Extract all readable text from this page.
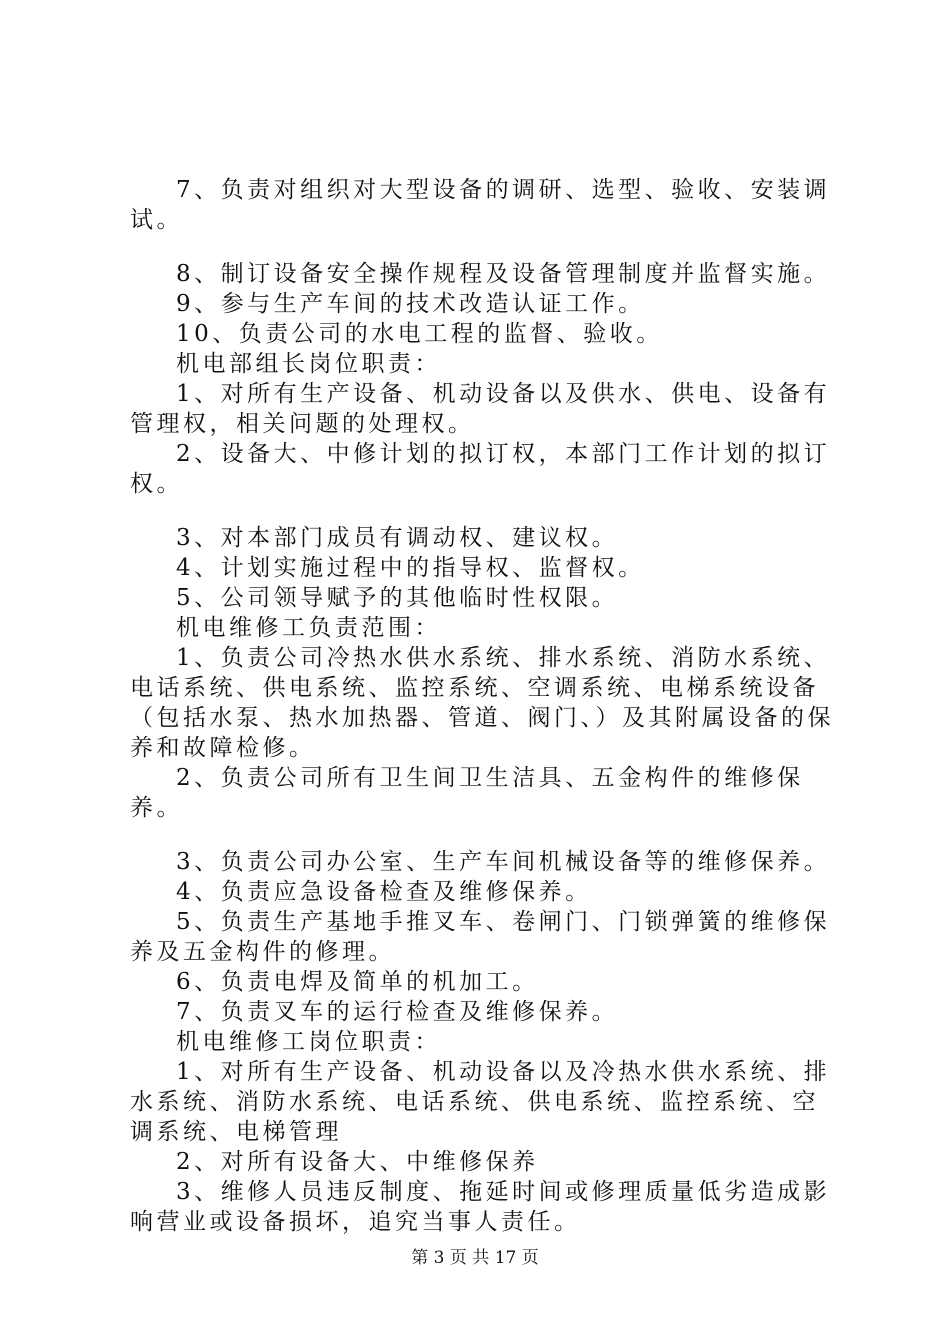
7、负责对组织对大型设备的调研、选型、验收、安装调试。

8、制订设备安全操作规程及设备管理制度并监督实施。

9、参与生产车间的技术改造认证工作。

10、负责公司的水电工程的监督、验收。

机电部组长岗位职责：

1、对所有生产设备、机动设备以及供水、供电、设备有管理权，相关问题的处理权。

2、设备大、中修计划的拟订权，本部门工作计划的拟订权。

3、对本部门成员有调动权、建议权。

4、计划实施过程中的指导权、监督权。

5、公司领导赋予的其他临时性权限。

机电维修工负责范围：

1、负责公司冷热水供水系统、排水系统、消防水系统、电话系统、供电系统、监控系统、空调系统、电梯系统设备（包括水泵、热水加热器、管道、阀门、）及其附属设备的保养和故障检修。

2、负责公司所有卫生间卫生洁具、五金构件的维修保养。

3、负责公司办公室、生产车间机械设备等的维修保养。

4、负责应急设备检查及维修保养。

5、负责生产基地手推叉车、卷闸门、门锁弹簧的维修保养及五金构件的修理。

6、负责电焊及简单的机加工。

7、负责叉车的运行检查及维修保养。

机电维修工岗位职责：

1、对所有生产设备、机动设备以及冷热水供水系统、排水系统、消防水系统、电话系统、供电系统、监控系统、空调系统、电梯管理

2、对所有设备大、中维修保养

3、维修人员违反制度、拖延时间或修理质量低劣造成影响营业或设备损坏，追究当事人责任。

第 3 页 共 17 页
